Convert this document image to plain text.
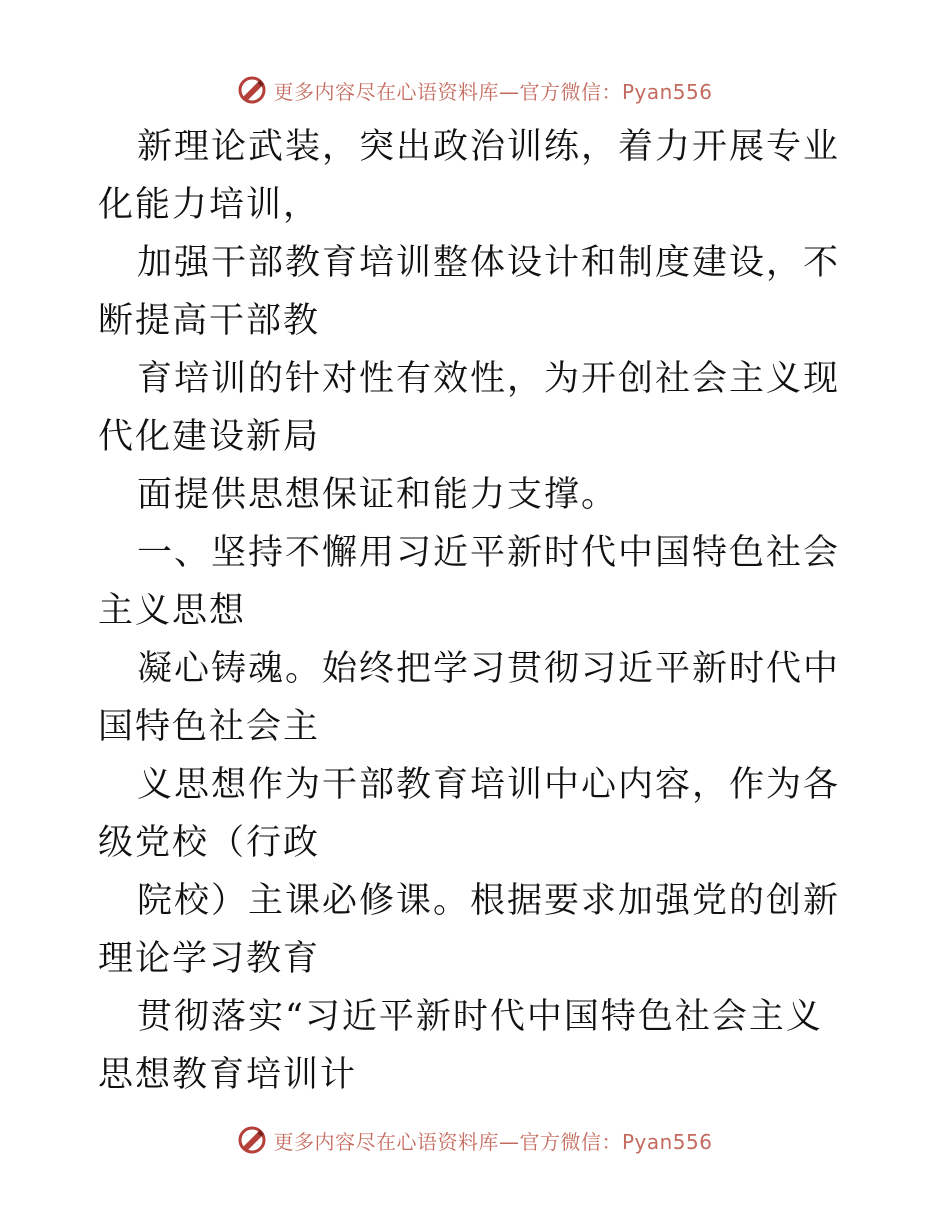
更多内容尽在心语资料库—官方微信：Pyan556

新理论武装，突出政治训练，着力开展专业化能力培训，

加强干部教育培训整体设计和制度建设，不断提高干部教

育培训的针对性有效性，为开创社会主义现代化建设新局

面提供思想保证和能力支撑。

一、坚持不懈用习近平新时代中国特色社会主义思想

凝心铸魂。始终把学习贯彻习近平新时代中国特色社会主

义思想作为干部教育培训中心内容，作为各级党校（行政

院校）主课必修课。根据要求加强党的创新理论学习教育

贯彻落实“习近平新时代中国特色社会主义思想教育培训计

更多内容尽在心语资料库—官方微信：Pyan556
